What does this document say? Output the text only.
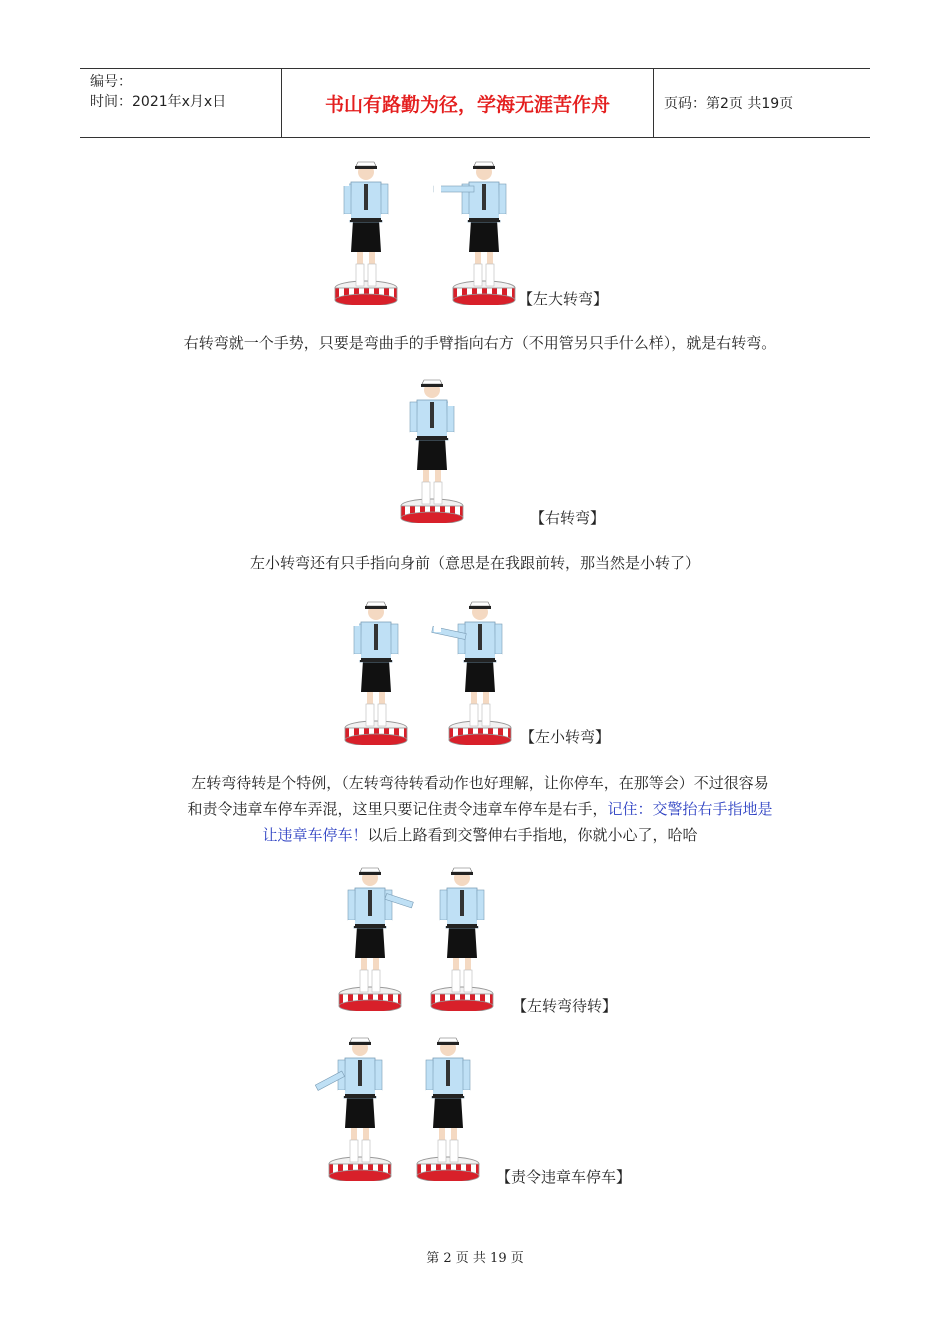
编号：
时间：2021年x月x日	书山有路勤为径，学海无涯苦作舟	页码：第2页 共19页
【左大转弯】
右转弯就一个手势，只要是弯曲手的手臂指向右方（不用管另只手什么样），就是右转弯。
【右转弯】
左小转弯还有只手指向身前（意思是在我跟前转，那当然是小转了）
【左小转弯】
左转弯待转是个特例，（左转弯待转看动作也好理解，让你停车，在那等会）不过很容易
和责令违章车停车弄混，这里只要记住责令违章车停车是右手，记住：交警抬右手指地是
让违章车停车！以后上路看到交警伸右手指地，你就小心了，哈哈
【左转弯待转】
【责令违章车停车】
第 2 页 共 19 页
